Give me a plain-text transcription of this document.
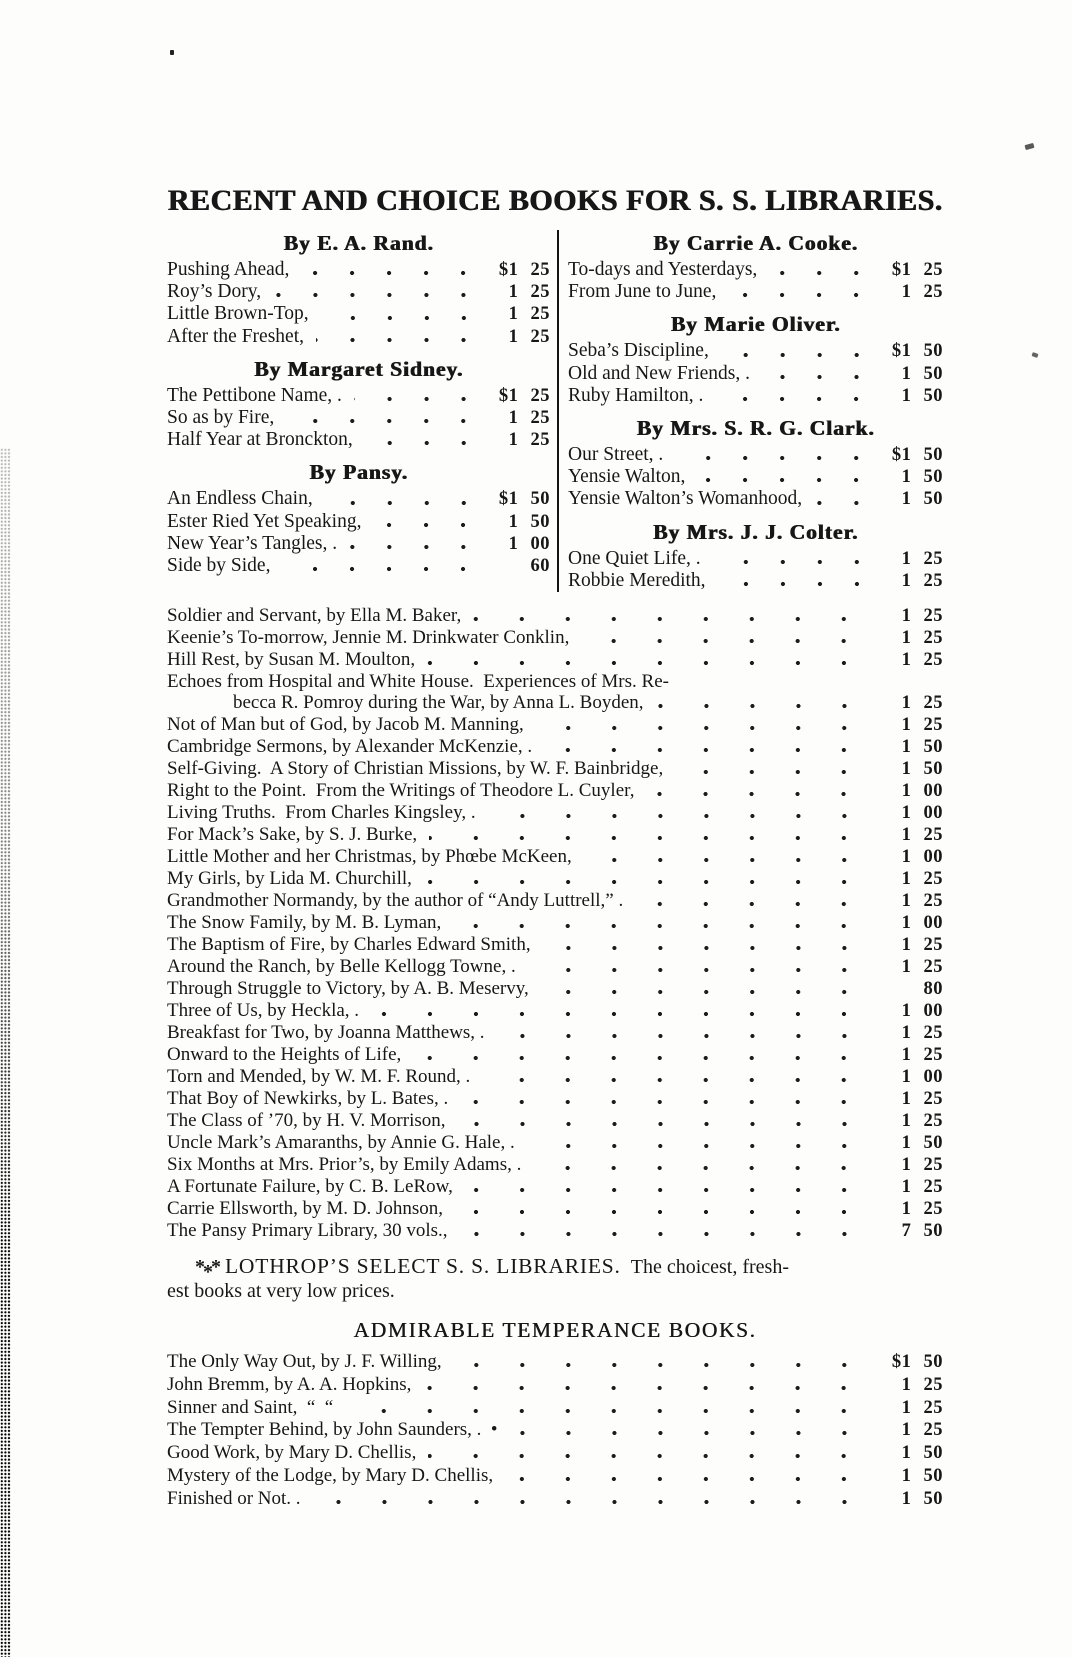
RECENT AND CHOICE BOOKS FOR S. S. LIBRARIES.
By E. A. Rand.
Pushing Ahead,	$1 25
Roy’s Dory,	1 25
Little Brown-Top,	1 25
After the Freshet,	1 25
By Margaret Sidney.
The Pettibone Name, .	$1 25
So as by Fire,	1 25
Half Year at Bronckton,	1 25
By Pansy.
An Endless Chain,	$1 50
Ester Ried Yet Speaking,	1 50
New Year’s Tangles, .	1 00
Side by Side,	60
By Carrie A. Cooke.
To-days and Yesterdays,	$1 25
From June to June,	1 25
By Marie Oliver.
Seba’s Discipline,	$1 50
Old and New Friends, .	1 50
Ruby Hamilton, .	1 50
By Mrs. S. R. G. Clark.
Our Street, .	$1 50
Yensie Walton,	1 50
Yensie Walton’s Womanhood,	1 50
By Mrs. J. J. Colter.
One Quiet Life, .	1 25
Robbie Meredith,	1 25
Soldier and Servant, by Ella M. Baker,	1 25
Keenie’s To-morrow, Jennie M. Drinkwater Conklin,	1 25
Hill Rest, by Susan M. Moulton,	1 25
Echoes from Hospital and White House.  Experiences of Mrs. Re-
becca R. Pomroy during the War, by Anna L. Boyden,	1 25
Not of Man but of God, by Jacob M. Manning,	1 25
Cambridge Sermons, by Alexander McKenzie, .	1 50
Self-Giving.  A Story of Christian Missions, by W. F. Bainbridge,	1 50
Right to the Point.  From the Writings of Theodore L. Cuyler,	1 00
Living Truths.  From Charles Kingsley, .	1 00
For Mack’s Sake, by S. J. Burke,	1 25
Little Mother and her Christmas, by Phœbe McKeen,	1 00
My Girls, by Lida M. Churchill,	1 25
Grandmother Normandy, by the author of “Andy Luttrell,” .	1 25
The Snow Family, by M. B. Lyman,	1 00
The Baptism of Fire, by Charles Edward Smith,	1 25
Around the Ranch, by Belle Kellogg Towne, .	1 25
Through Struggle to Victory, by A. B. Meservy,	80
Three of Us, by Heckla, .	1 00
Breakfast for Two, by Joanna Matthews, .	1 25
Onward to the Heights of Life,	1 25
Torn and Mended, by W. M. F. Round, .	1 00
That Boy of Newkirks, by L. Bates, .	1 25
The Class of ’70, by H. V. Morrison,	1 25
Uncle Mark’s Amaranths, by Annie G. Hale, .	1 50
Six Months at Mrs. Prior’s, by Emily Adams, .	1 25
A Fortunate Failure, by C. B. LeRow,	1 25
Carrie Ellsworth, by M. D. Johnson,	1 25
The Pansy Primary Library, 30 vols.,	7 50

*** LOTHROP’S SELECT S. S. LIBRARIES. The choicest, fresh-
est books at very low prices.

ADMIRABLE TEMPERANCE BOOKS.
The Only Way Out, by J. F. Willing,	$1 50
John Bremm, by A. A. Hopkins,	1 25
Sinner and Saint,  “  “	1 25
The Tempter Behind, by John Saunders, .  •	1 25
Good Work, by Mary D. Chellis,	1 50
Mystery of the Lodge, by Mary D. Chellis,	1 50
Finished or Not. .	1 50
